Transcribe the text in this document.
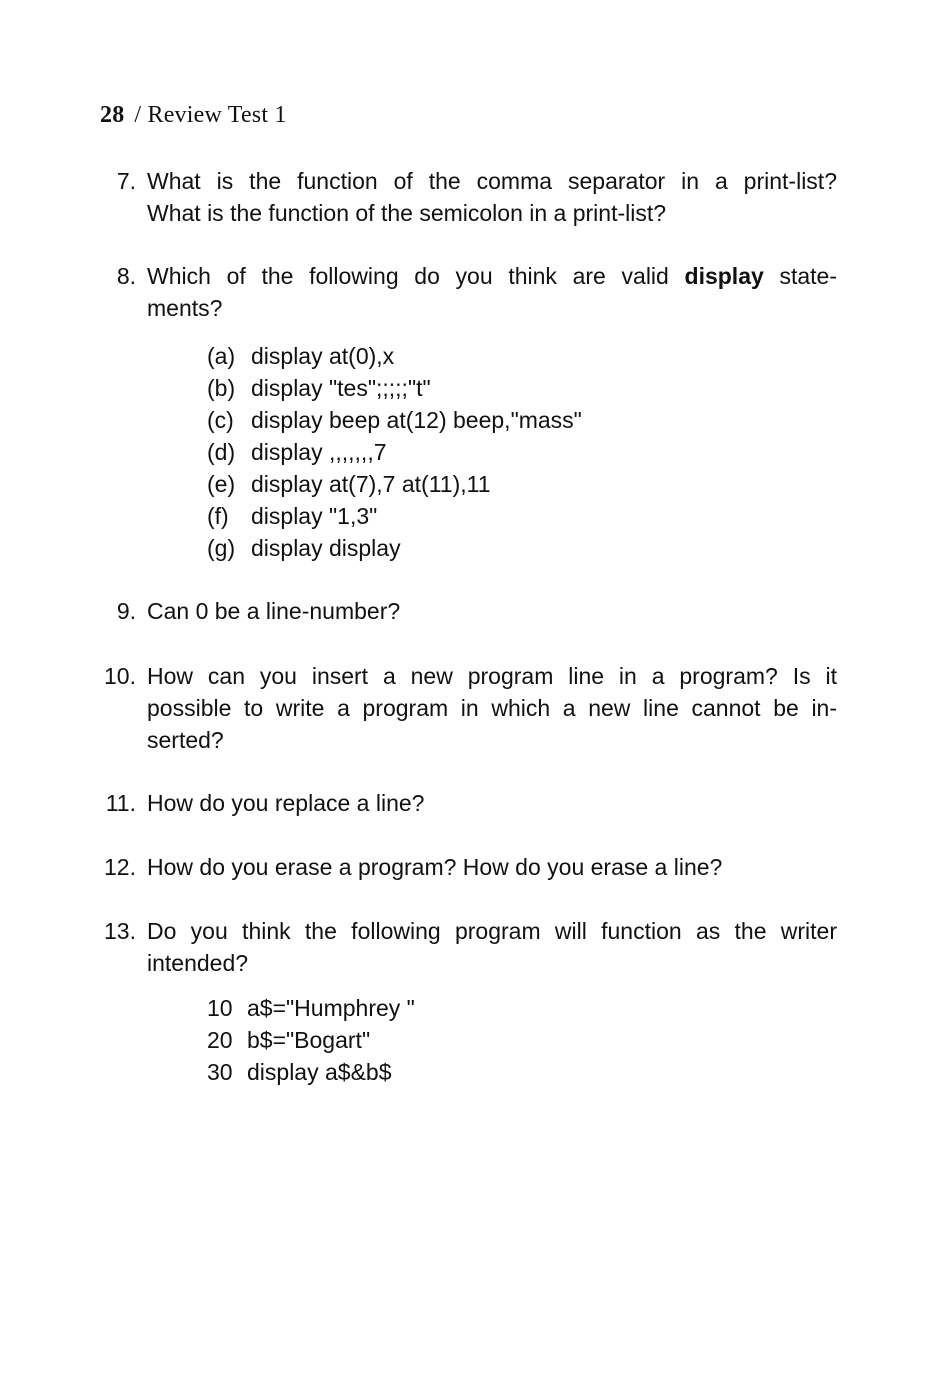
28 / Review Test 1
7. What is the function of the comma separator in a print-list?
What is the function of the semicolon in a print-list?
8. Which of the following do you think are valid display state-
ments?
(a) display at(0),x
(b) display "tes";;;;;"t"
(c) display beep at(12) beep,"mass"
(d) display ,,,,,,,7
(e) display at(7),7 at(11),11
(f) display "1,3"
(g) display display
9. Can 0 be a line-number?
10. How can you insert a new program line in a program? Is it
possible to write a program in which a new line cannot be in-
serted?
11. How do you replace a line?
12. How do you erase a program? How do you erase a line?
13. Do you think the following program will function as the writer
intended?
10 a$="Humphrey "
20 b$="Bogart"
30 display a$&b$
